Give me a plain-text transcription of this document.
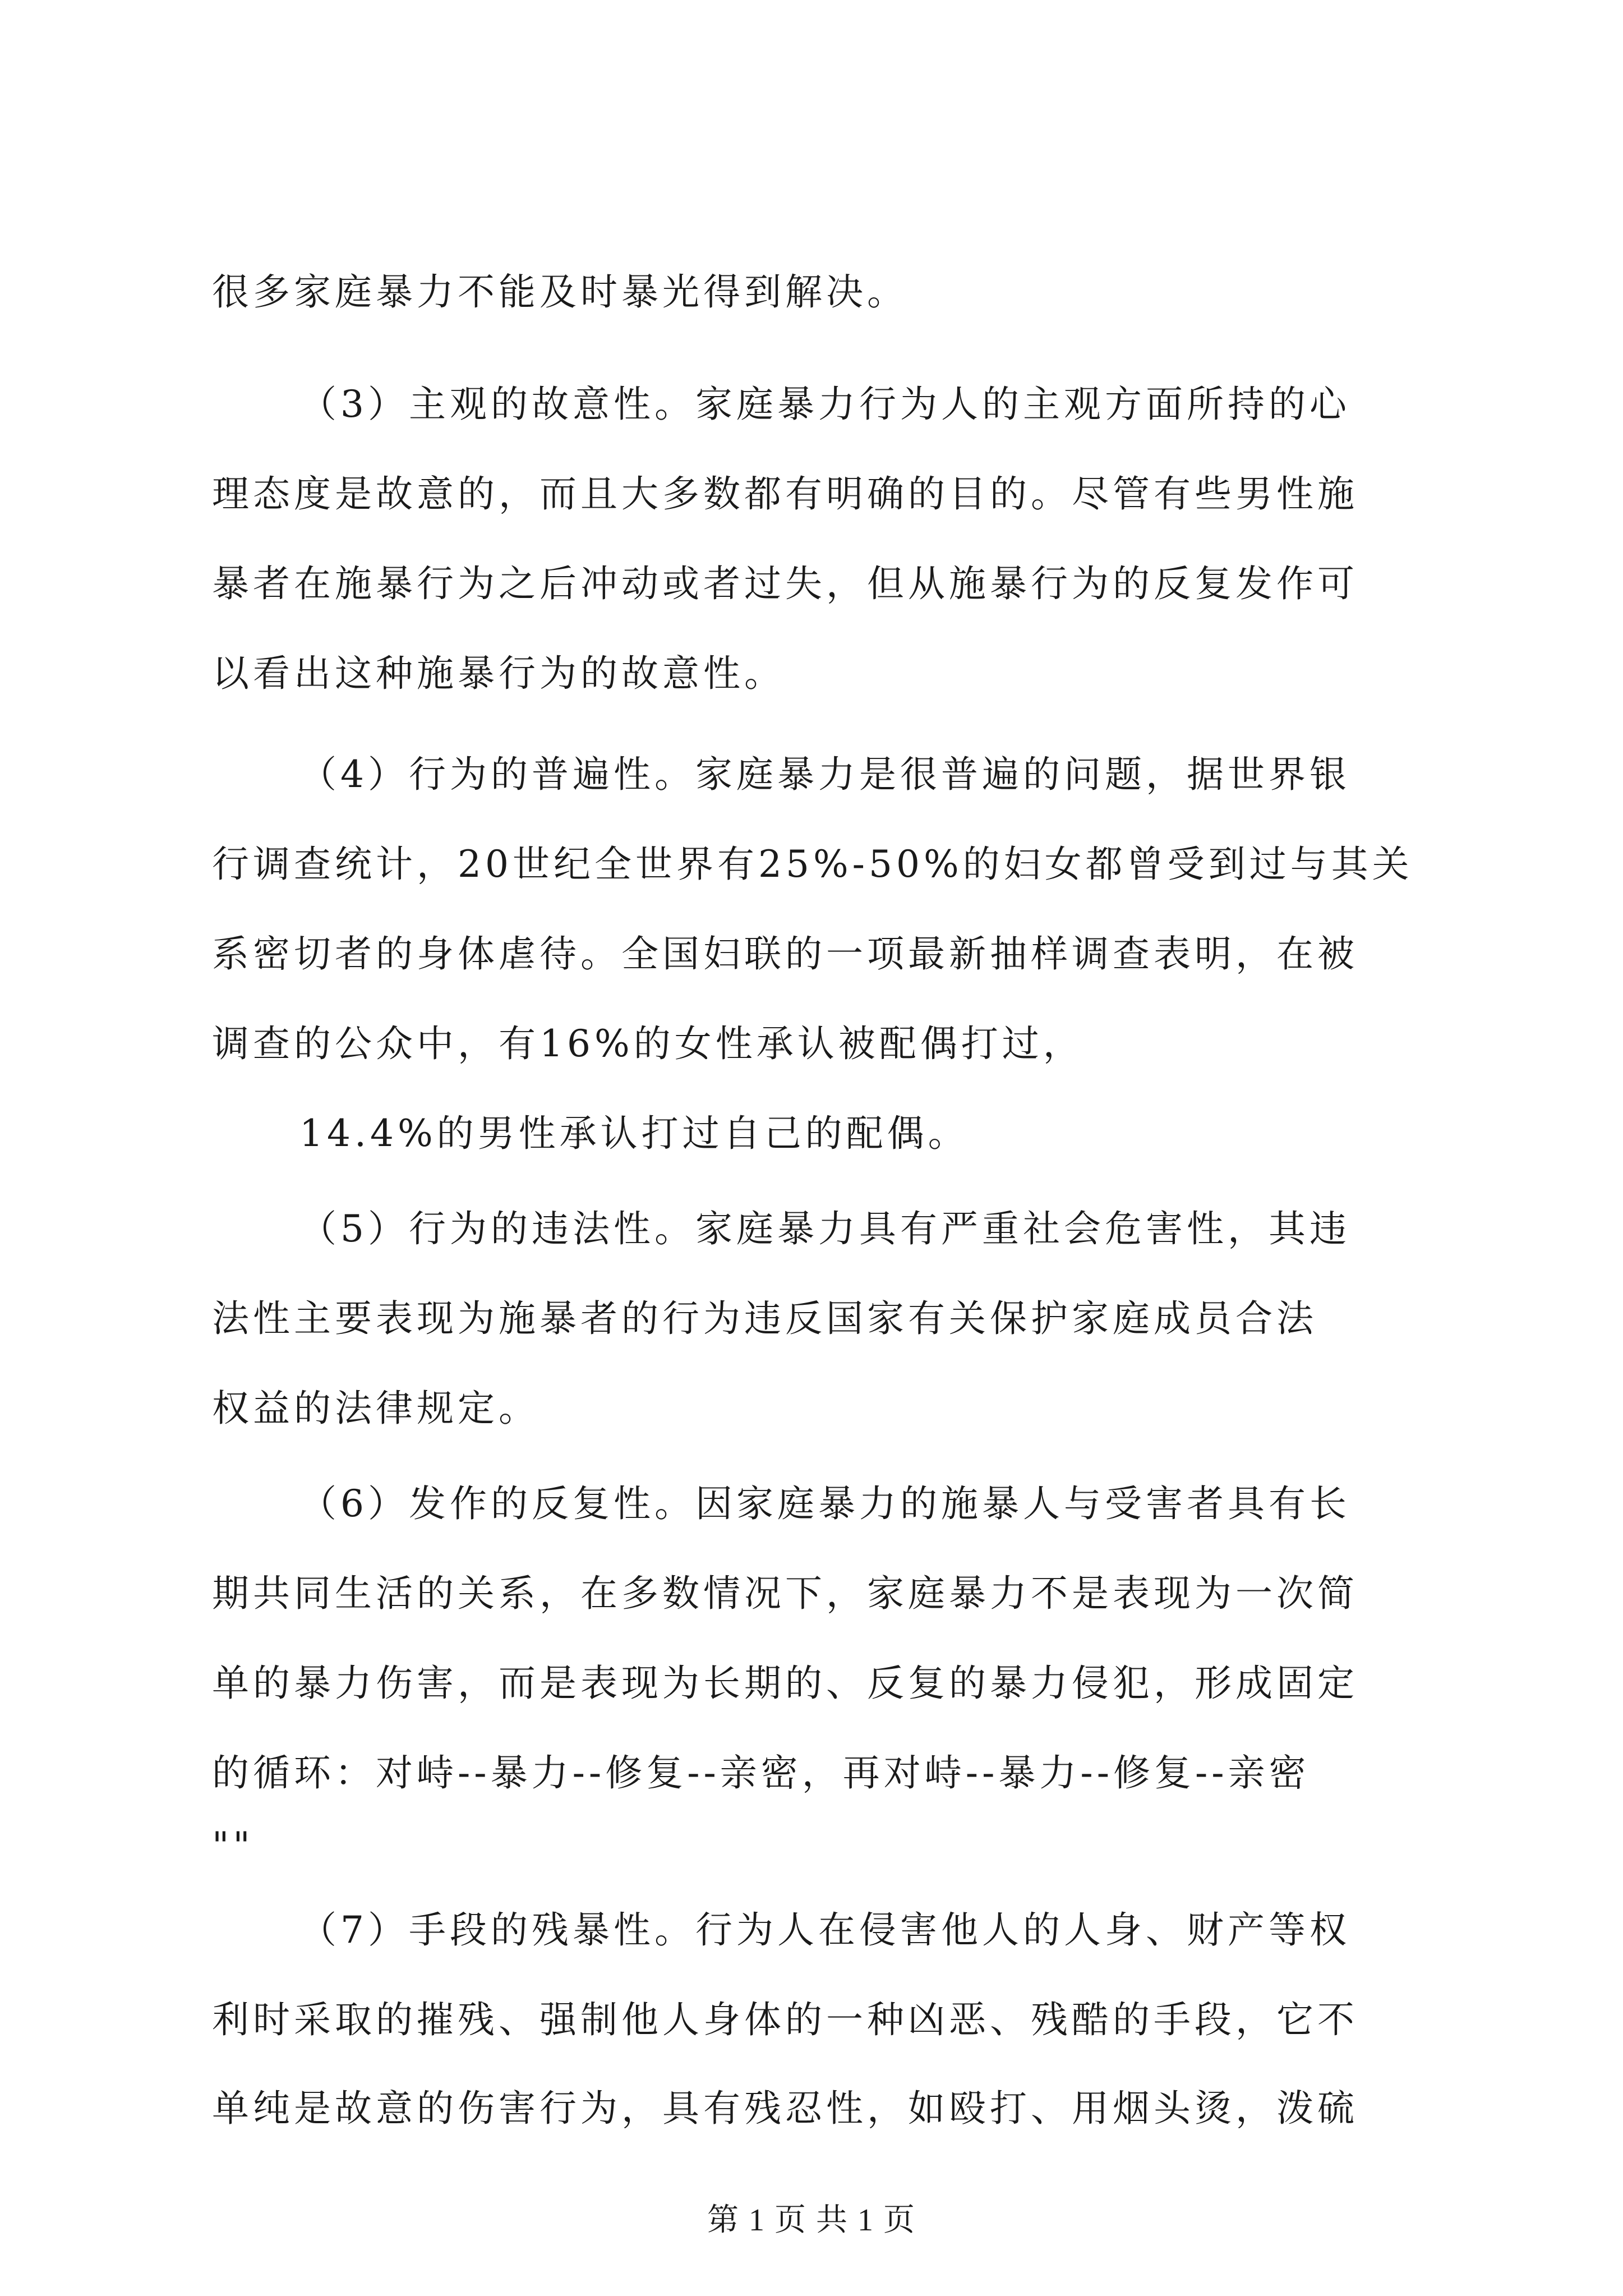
很多家庭暴力不能及时暴光得到解决。

（3）主观的故意性。家庭暴力行为人的主观方面所持的心

理态度是故意的，而且大多数都有明确的目的。尽管有些男性施

暴者在施暴行为之后冲动或者过失，但从施暴行为的反复发作可

以看出这种施暴行为的故意性。

（4）行为的普遍性。家庭暴力是很普遍的问题，据世界银

行调查统计，20世纪全世界有25%-50%的妇女都曾受到过与其关

系密切者的身体虐待。全国妇联的一项最新抽样调查表明，在被

调查的公众中，有16%的女性承认被配偶打过，

14.4%的男性承认打过自己的配偶。

（5）行为的违法性。家庭暴力具有严重社会危害性，其违

法性主要表现为施暴者的行为违反国家有关保护家庭成员合法

权益的法律规定。

（6）发作的反复性。因家庭暴力的施暴人与受害者具有长

期共同生活的关系，在多数情况下，家庭暴力不是表现为一次简

单的暴力伤害，而是表现为长期的、反复的暴力侵犯，形成固定

的循环：对峙--暴力--修复--亲密，再对峙--暴力--修复--亲密

""

（7）手段的残暴性。行为人在侵害他人的人身、财产等权

利时采取的摧残、强制他人身体的一种凶恶、残酷的手段，它不

单纯是故意的伤害行为，具有残忍性，如殴打、用烟头烫，泼硫

第 1 页 共 1 页
